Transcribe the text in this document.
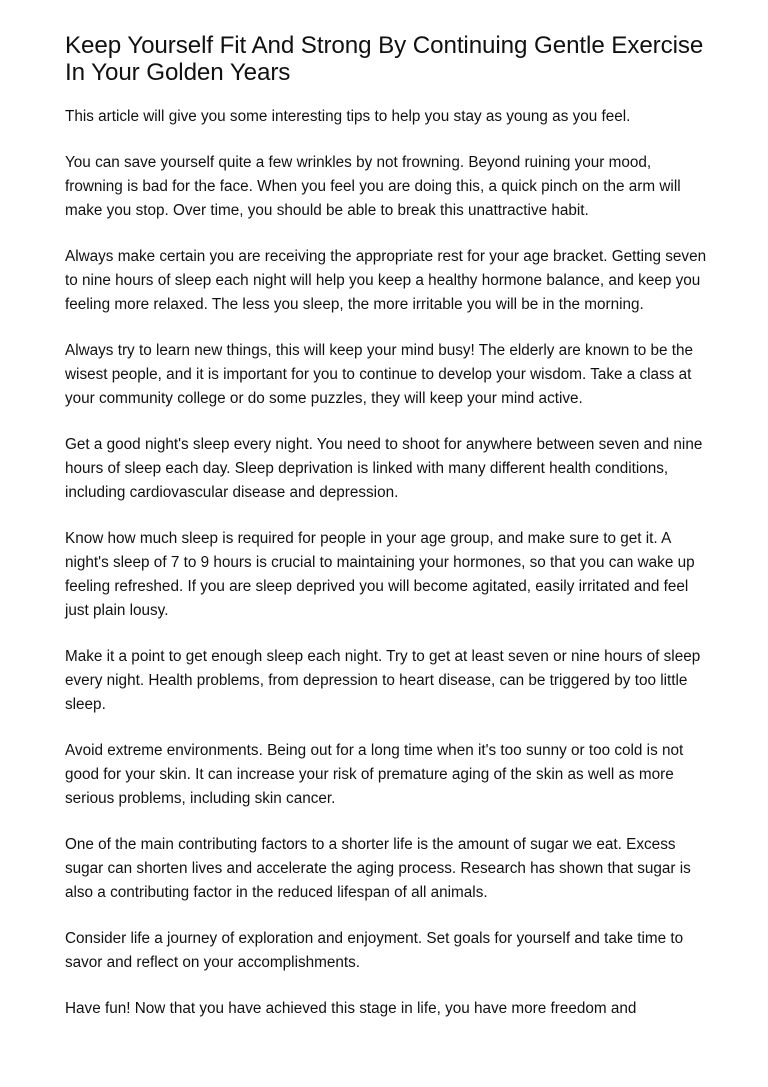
Keep Yourself Fit And Strong By Continuing Gentle Exercise In Your Golden Years

This article will give you some interesting tips to help you stay as young as you feel.

You can save yourself quite a few wrinkles by not frowning. Beyond ruining your mood, frowning is bad for the face. When you feel you are doing this, a quick pinch on the arm will make you stop. Over time, you should be able to break this unattractive habit.

Always make certain you are receiving the appropriate rest for your age bracket. Getting seven to nine hours of sleep each night will help you keep a healthy hormone balance, and keep you feeling more relaxed. The less you sleep, the more irritable you will be in the morning.

Always try to learn new things, this will keep your mind busy! The elderly are known to be the wisest people, and it is important for you to continue to develop your wisdom. Take a class at your community college or do some puzzles, they will keep your mind active.

Get a good night's sleep every night. You need to shoot for anywhere between seven and nine hours of sleep each day. Sleep deprivation is linked with many different health conditions, including cardiovascular disease and depression.

Know how much sleep is required for people in your age group, and make sure to get it. A night's sleep of 7 to 9 hours is crucial to maintaining your hormones, so that you can wake up feeling refreshed. If you are sleep deprived you will become agitated, easily irritated and feel just plain lousy.

Make it a point to get enough sleep each night. Try to get at least seven or nine hours of sleep every night. Health problems, from depression to heart disease, can be triggered by too little sleep.

Avoid extreme environments. Being out for a long time when it's too sunny or too cold is not good for your skin. It can increase your risk of premature aging of the skin as well as more serious problems, including skin cancer.

One of the main contributing factors to a shorter life is the amount of sugar we eat. Excess sugar can shorten lives and accelerate the aging process. Research has shown that sugar is also a contributing factor in the reduced lifespan of all animals.

Consider life a journey of exploration and enjoyment. Set goals for yourself and take time to savor and reflect on your accomplishments.

Have fun! Now that you have achieved this stage in life, you have more freedom and
